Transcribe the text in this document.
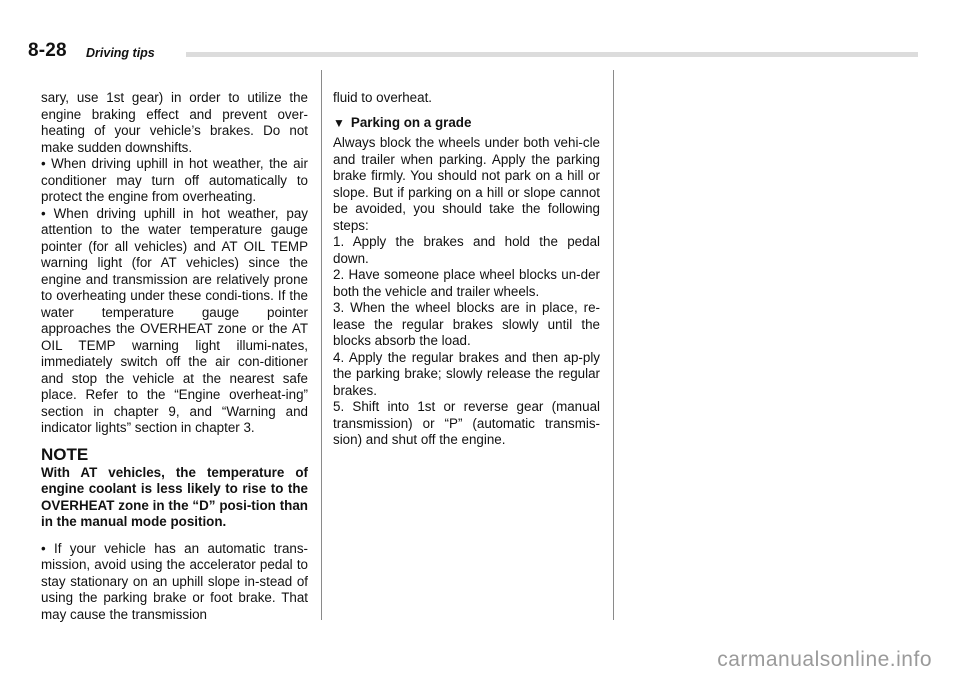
8-28 Driving tips

sary, use 1st gear) in order to utilize the engine braking effect and prevent over-heating of your vehicle’s brakes. Do not make sudden downshifts.

• When driving uphill in hot weather, the air conditioner may turn off automatically to protect the engine from overheating.

• When driving uphill in hot weather, pay attention to the water temperature gauge pointer (for all vehicles) and AT OIL TEMP warning light (for AT vehicles) since the engine and transmission are relatively prone to overheating under these condi-tions. If the water temperature gauge pointer approaches the OVERHEAT zone or the AT OIL TEMP warning light illumi-nates, immediately switch off the air con-ditioner and stop the vehicle at the nearest safe place. Refer to the “Engine overheat-ing” section in chapter 9, and “Warning and indicator lights” section in chapter 3.

NOTE

With AT vehicles, the temperature of engine coolant is less likely to rise to the OVERHEAT zone in the “D” posi-tion than in the manual mode position.

• If your vehicle has an automatic trans-mission, avoid using the accelerator pedal to stay stationary on an uphill slope in-stead of using the parking brake or foot brake. That may cause the transmission

fluid to overheat.

▼ Parking on a grade

Always block the wheels under both vehi-cle and trailer when parking. Apply the parking brake firmly. You should not park on a hill or slope. But if parking on a hill or slope cannot be avoided, you should take the following steps:

1. Apply the brakes and hold the pedal down.

2. Have someone place wheel blocks un-der both the vehicle and trailer wheels.

3. When the wheel blocks are in place, re-lease the regular brakes slowly until the blocks absorb the load.

4. Apply the regular brakes and then ap-ply the parking brake; slowly release the regular brakes.

5. Shift into 1st or reverse gear (manual transmission) or “P” (automatic transmis-sion) and shut off the engine.

carmanualsonline.info
